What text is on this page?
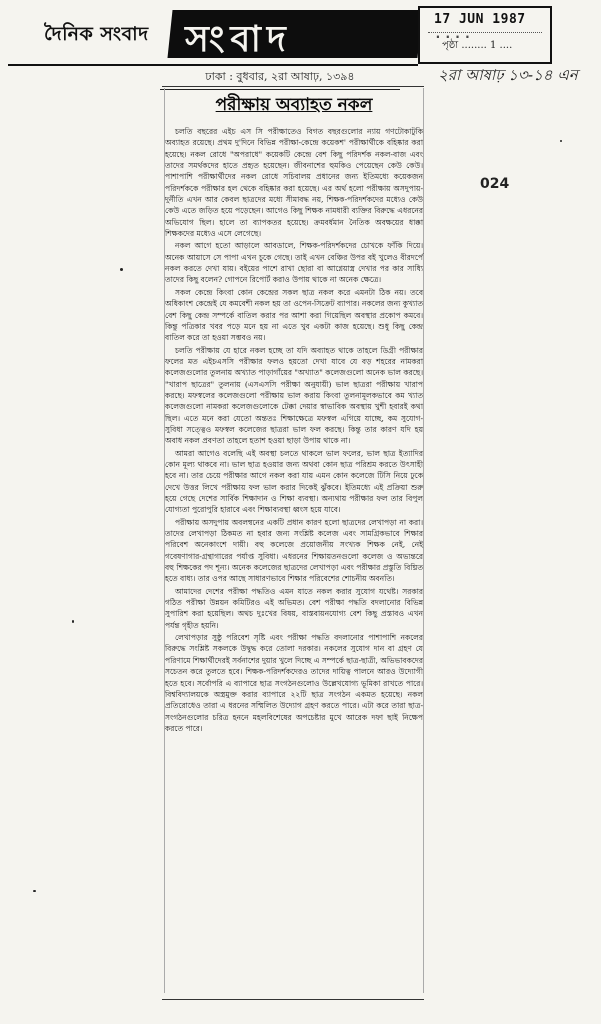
দৈনিক সংবাদ সংবাদ	17 JUN 1987 ....
পৃষ্ঠা ........ 1 ....
২রা আষাঢ় ১৩-১৪ এন
024
ঢাকা : বুধবার, ২রা আষাঢ়, ১৩৯৪
পরীক্ষায় অব্যাহত নকল

চলতি বছরের এইচ এস সি পরীক্ষাতেও বিগত বছরগুলোর ন্যায় গণটোকাটুকি অব্যাহত রয়েছে। প্রথম দু'দিনে বিভিন্ন পরীক্ষা-কেন্দ্রে কয়েকশ' পরীক্ষার্থীকে বহিষ্কার করা হয়েছে। নকল রোধে "অপরাধে" কয়েকটি কেন্দ্রে বেশ কিছু পরিদর্শক নকল-বাজ এবং তাদের সমর্থকদের হাতে প্রহৃত হয়েছেন। জীবনাশের হুমকিও পেয়েছেন কেউ কেউ। পাশাপাশি পরীক্ষার্থীদের নকল রোধে সচিবালয় প্রধানের জন্য ইতিমধ্যে কয়েকজন পরিদর্শককে পরীক্ষার হল থেকে বহিষ্কার করা হয়েছে। এর অর্থ হলো পরীক্ষায় অসদুপায়-দুর্নীতি এখন আর কেবল ছাত্রদের মধ্যে সীমাবদ্ধ নয়, শিক্ষক-পরিদর্শকদের মধ্যেও কেউ কেউ এতে জড়িত হয়ে পড়েছেন। আগেও কিছু শিক্ষক নামধারী ব্যক্তির বিরুদ্ধে এধরনের অভিযোগ ছিল। হালে তা ব্যাপকতর হয়েছে। ক্রমবর্ধমান নৈতিক অবক্ষয়ের ধাক্কা শিক্ষকদের মধ্যেও এসে লেগেছে।

নকল আগে হতো আড়ালে আবডালে, শিক্ষক-পরিদর্শকদের চোখকে ফাঁকি দিয়ে। অনেক আয়াসে সে পাপা এখন চুকে গেছে। তাই এখন বেঞ্চির উপর বই খুলেও বীরদর্পে নকল করতে দেখা যায়। বইয়ের পাশে রাখা ছোরা বা আগ্নেয়াস্ত্র দেখার পর কার সাধ্যি তাদের কিছু বলেন? গোপনে রিপোর্ট করাও উপায় থাকে না অনেক ক্ষেত্রে।

সকল কেন্দ্রে কিংবা কোন কেন্দ্রের সকল ছাত্র নকল করে এমনটা ঠিক নয়। তবে অধিকাংশ কেন্দ্রেই যে কমবেশী নকল হয় তা ওপেন-সিক্রেট ব্যাপার। নকলের জন্য কুখ্যাত বেশ কিছু কেন্দ্র সম্পর্কে বাতিল করার পর আশা করা গিয়েছিল অবস্থার প্রকোপ কমবে। কিন্তু পত্রিকার খবর পড়ে মনে হয় না এতে খুব একটা কাজ হয়েছে। শুধু কিছু কেন্দ্র বাতিল করে তা হওয়া সম্ভবও নয়।

চলতি পরীক্ষায় যে হারে নকল হচ্ছে তা যদি অব্যাহত থাকে তাহলে ডিগ্রী পরীক্ষার ফলের মত এইচএসসি পরীক্ষার ফলও হয়তো দেখা যাবে যে বড় শহরের নামকরা কলেজগুলোর তুলনায় অখ্যাত পাড়াগাঁয়ের "অখ্যাত" কলেজগুলো অনেক ভাল করছে। "খারাপ ছাত্রের" তুলনায় (এসএসসি পরীক্ষা অনুযায়ী) ভাল ছাত্ররা পরীক্ষায় খারাপ করছে। মফস্বলের কলেজগুলো পরীক্ষায় ভাল করায় কিংবা তুলনামূলকভাবে কম খ্যাত কলেজগুলো নামকরা কলেজগুলোকে টেক্কা দেয়ার স্বাভাবিক অবস্থায় খুশী হবারই কথা ছিল। এতে মনে করা যেতো অন্ততঃ শিক্ষাক্ষেত্রে মফস্বল এগিয়ে যাচ্ছে, কম সুযোগ-সুবিধা সত্ত্বেও মফস্বল কলেজের ছাত্ররা ভাল ফল করছে। কিন্তু তার কারণ যদি হয় অবাধ নকল প্রবণতা তাহলে হতাশ হওয়া ছাড়া উপায় থাকে না।

আমরা আগেও বলেছি এই অবস্থা চলতে থাকলে ভাল ফলের, ভাল ছাত্র ইত্যাদির কোন মূল্য থাকবে না। ভাল ছাত্র হওয়ার জন্য অথবা কোন ছাত্র পরিশ্রম করতে উৎসাহী হবে না। তার চেয়ে পরীক্ষার আগে নকল করা যায় এমন কোন কলেজে টিসি নিয়ে ঢুকে দেখে উত্তর লিখে পরীক্ষায় ফল ভাল করার দিকেই ঝুঁকবে। ইতিমধ্যে এই প্রক্রিয়া শুরু হয়ে গেছে দেশের সার্বিক শিক্ষাদান ও শিক্ষা ব্যবস্থা। অন্যথায় পরীক্ষার ফল তার বিপুল যোগ্যতা পুরোপুরি হারাবে এবং শিক্ষাব্যবস্থা ধ্বংস হয়ে যাবে।

পরীক্ষায় অসদুপায় অবলম্বনের একটি প্রধান কারণ হলো ছাত্রদের লেখাপড়া না করা। তাদের লেখাপড়া ঠিকমত না হবার জন্য সংশ্লিষ্ট কলেজ এবং সামগ্রিকভাবে শিক্ষার পরিবেশ অনেকাংশে দায়ী। বহু কলেজে প্রয়োজনীয় সংখ্যক শিক্ষক নেই, নেই গবেষণাগার-গ্রন্থাগারের পর্যাপ্ত সুবিধা। এধরনের শিক্ষায়তনগুলো কলেজ ও অভ্যন্তরে বহু শিক্ষকের পদ শূন্য। অনেক কলেজের ছাত্রদের লেখাপড়া এবং পরীক্ষার প্রস্তুতি বিঘ্নিত হতে বাধ্য। তার ওপর আছে সাধারণভাবে শিক্ষার পরিবেশের শোচনীয় অবনতি।

আমাদের দেশের পরীক্ষা পদ্ধতিও এমন যাতে নকল করার সুযোগ যথেষ্ট। সরকার গঠিত পরীক্ষা উন্নয়ন কমিটিরও এই অভিমত। বেশ পরীক্ষা পদ্ধতি বদলানোর বিভিন্ন সুপারিশ করা হয়েছিল। অথচ দুঃখের বিষয়, বাস্তবায়নযোগ্য বেশ কিছু প্রস্তাবও এখন পর্যন্ত গৃহীত হয়নি।

লেখাপড়ার সুষ্ঠু পরিবেশ সৃষ্টি এবং পরীক্ষা পদ্ধতি বদলানোর পাশাপাশি নকলের বিরুদ্ধে সংশ্লিষ্ট সকলকে উদ্বুদ্ধ করে তোলা দরকার। নকলের সুযোগ দান বা গ্রহণ যে পরিণামে শিক্ষার্থীদেরই সর্বনাশের দুয়ার খুলে দিচ্ছে এ সম্পর্কে ছাত্র-ছাত্রী, অভিভাবকদের সচেতন করে তুলতে হবে। শিক্ষক-পরিদর্শকদেরও তাদের দায়িত্ব পালনে আরও উদ্যোগী হতে হবে। সর্বোপরি এ ব্যাপারে ছাত্র সংগঠনগুলোও উল্লেখযোগ্য ভূমিকা রাখতে পারে। বিশ্ববিদ্যালয়কে অস্ত্রমুক্ত করার ব্যাপারে ২২টি ছাত্র সংগঠন একমত হয়েছে। নকল প্রতিরোধেও তারা এ ধরনের সম্মিলিত উদ্যোগ গ্রহণ করতে পারে। এটা করে তারা ছাত্র-সংগঠনগুলোর চরিত্র হননে মহলবিশেষের অপচেষ্টার মুখে আরেক দফা ছাই নিক্ষেপ করতে পারে।
